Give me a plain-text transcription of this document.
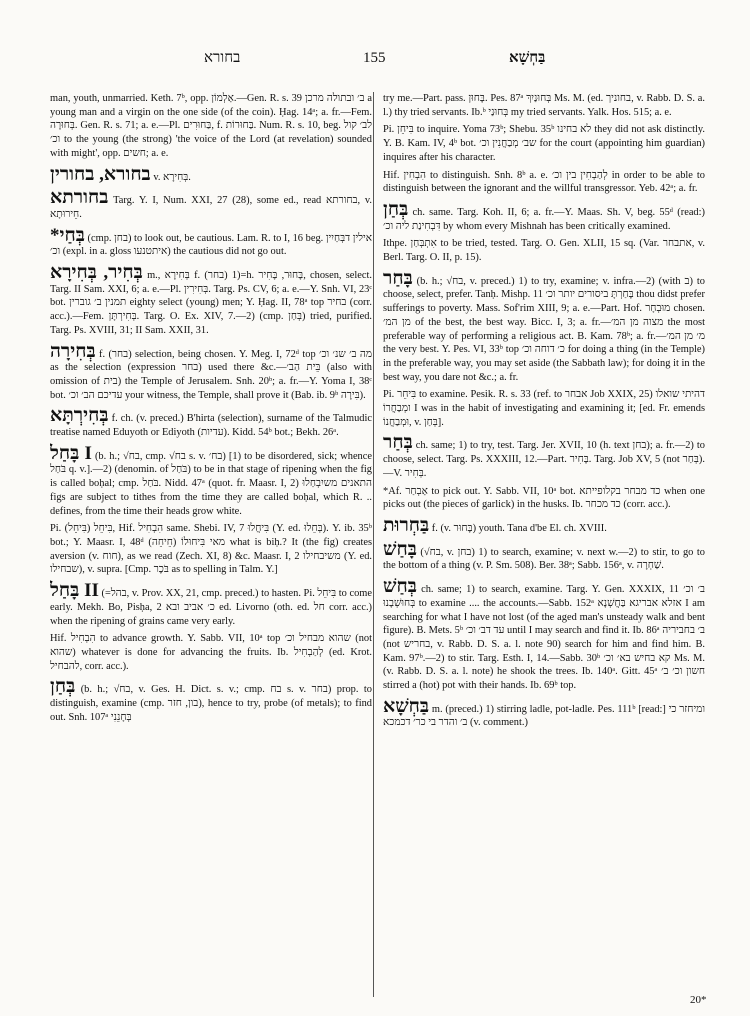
בחורא	155	בַּחְשָׁא

man, youth, unmarried. Keth. 7ᵇ, opp. אַלְמוֹן.—Gen. R. s. 39 ב׳ ובתולה מרכן a young man and a virgin on the one side (of the coin). Ḥag. 14ᵃ; a. fr.—Fem. בְּחוּרָה. Gen. R. s. 71; a. e.—Pl. בַּחוּרִים, f. בַּחוּרוֹת. Num. R. s. 10, beg. לב׳ קול וכ׳ to the young (the strong) 'the voice of the Lord (at revelation) sounded with might', opp. חשים; a. e.

בחורא, בחורין v. בְּחִירָא.

בחורתא Targ. Y. I, Num. XXI, 27 (28), some ed., read בחורתא, v. חֵירוּתָא.

*בְּחַי (cmp. בחן) to look out, be cautious. Lam. R. to I, 16 beg. אילין דבְּחַיִין וכ׳ (expl. in a. gloss איתטנעו) the cautious did not go out.

בְּחִיר, בְּחִירָא m., בְּחִירָא f. (בחר) 1)=h. בָּחוּר, בָּחִיר, chosen, select. Targ. II Sam. XXI, 6; a. e.—Pl. בְּחִירִין. Targ. Ps. CV, 6; a. e.—Y. Snh. VI, 23ᶜ bot. תמנין ב׳ גוברין eighty select (young) men; Y. Ḥag. II, 78ᵃ top בחיר (corr. acc.).—Fem. בְּחִירְתָּן. Targ. O. Ex. XIV, 7.—2) (cmp. בְּחַן) tried, purified. Targ. Ps. XVIII, 31; II Sam. XXII, 31.

בְּחִירָה f. (בחר) selection, being chosen. Y. Meg. I, 72ᵈ top מה ב׳ שנ׳ וכ׳ as the selection (expression בחר) used there &c.—בֵּית הַב׳ (also with omission of בית) the Temple of Jerusalem. Snh. 20ᵇ; a. fr.—Y. Yoma I, 38ᶜ bot. עדיכם הב׳ וכ׳ your witness, the Temple, shall prove it (Bab. ib. 9ᵇ בִּירָה).

בְּחִירְתָּא f. ch. (v. preced.) B'hirta (selection), surname of the Talmudic treatise named Eduyoth or Ediyoth (עדיות). Kidd. 54ᵇ bot.; Bekh. 26ᵃ.

בָּחַל I (b. h.; √בח, cmp. √בח s. v. בח׳) [1) to be disordered, sick; whence בֹּחַל q. v.].—2) (denomin. of בֹּחַל) to be in that stage of ripening when the fig is called boḥal; cmp. בֹּחַל. Nidd. 47ᵃ (quot. fr. Maasr. I, 2) התאנים משיִבְחַלוּ figs are subject to tithes from the time they are called boḥal, which R. .. defines, from the time their heads grow white.

Pi. בִּיחֵל (בִּיחֵל), Hif. הִבְחִיל same. Shebi. IV, 7 בִּיחֲלוּ (Y. ed. בְּחֵלוּ). Y. ib. 35ᵇ bot.; Y. Maasr. I, 48ᵈ (חֵיחֵה) מאי בִּיחוּלוֹ what is biḥ.? It (the fig) creates aversion (v. חוח), as we read (Zech. XI, 8) &c. Maasr. I, 2 משיבחילו (Y. ed. שבחילו), v. supra. [Cmp. בֹּכֶר as to spelling in Talm. Y.]

בָּחַל II (=בהל, v. Prov. XX, 21, cmp. preced.) to hasten. Pi. בִּיחֵל to come early. Mekh. Bo, Pisḥa, 2 כ׳ אביב ובא ed. Livorno (oth. ed. חל corr. acc.) when the ripening of grains came very early.

Hif. הִבְחִיל to advance growth. Y. Sabb. VII, 10ᵃ top שהוא מבחיל וכ׳ (not שהוא) whatever is done for advancing the fruits. Ib. לְהַבְחִיל (ed. Krot. להבחיל, corr. acc.).

בְּחַן (b. h.; √בח, v. Ges. H. Dict. s. v.; cmp. בח s. v. בחר) prop. to distinguish, examine (cmp. בון, חזר), hence to try, probe (of metals); to find out. Snh. 107ᵃ בְּחָנֵנִי

try me.—Part. pass. בָּחוּן. Pes. 87ᵃ בְּחוּנַיִךְ Ms. M. (ed. בחוניך, v. Rabb. D. S. a. l.) thy tried servants. Ib.ᵇ בְּחוּנַי my tried servants. Yalk. Hos. 515; a. e.

Pi. בִּיחֵן to inquire. Yoma 73ᵇ; Shebu. 35ᵇ לא בחינו they did not ask distinctly. Y. B. Kam. IV, 4ᵇ bot. שב׳ מְבַחֲנִין וכ׳ for the court (appointing him guardian) inquires after his character.

Hif. הִבְחִין to distinguish. Snh. 8ᵇ a. e. לְהַבְחִין בין וכ׳ in order to be able to distinguish between the ignorant and the willful transgressor. Yeb. 42ᵃ; a. fr.

בְּחַן ch. same. Targ. Koh. II, 6; a. fr.—Y. Maas. Sh. V, beg. 55ᵈ (read:) דִּבְחִינַת ליה וכ׳ by whom every Mishnah has been critically examined.

Ithpe. אִתְבְּחַן to be tried, tested. Targ. O. Gen. XLII, 15 sq. (Var. אתבחר, v. Berl. Targ. O. II, p. 15).

בָּחַר (b. h.; √בח, v. preced.) 1) to try, examine; v. infra.—2) (with ב) to choose, select, prefer. Tanḥ. Mishp. 11 בָּחַרְתָּ ביסורים יותר וכ׳ thou didst prefer sufferings to poverty. Mass. Sof'rim XIII, 9; a. e.—Part. Hof. מוּבְחָר chosen. מן המ׳ of the best, the best way. Bicc. I, 3; a. fr.—מצוה מן המ׳ the most preferable way of performing a religious act. B. Kam. 78ᵇ; a. fr.—מ׳ מן המ׳ the very best. Y. Pes. VI, 33ᵇ top כ׳ דוחה וכ׳ for doing a thing (in the Temple) in the preferable way, you may set aside (the Sabbath law); for doing it in the best way, you dare not &c.; a. fr.

Pi. בִּיחֵר to examine. Pesik. R. s. 33 (ref. to אבחר Job XXIX, 25) דהיתי שואלו ומְבַחֲרוֹ I was in the habit of investigating and examining it; [ed. Fr. emends וּמְבַחֲנוֹ, v. בְּחַן].

בְּחַר ch. same; 1) to try, test. Targ. Jer. XVII, 10 (h. text בחן); a. fr.—2) to choose, select. Targ. Ps. XXXIII, 12.—Part. בָּחִיר. Targ. Job XV, 5 (not בְּחַר).—V. בְּחִיר.

*Af. אַבְחַר to pick out. Y. Sabb. VII, 10ᵃ bot. כד מבחר בקלופייתא when one picks out (the pieces of garlick) in the husks. Ib. כד מכחר (corr. acc.).

בַּחְרוּת f. (v. בָּחוּר) youth. Tana d'be El. ch. XVIII.

בָּחַשׁ (√בח, v. בחן) 1) to search, examine; v. next w.—2) to stir, to go to the bottom of a thing (v. P. Sm. 508). Ber. 38ᵃ; Sabb. 156ᵃ, v. שַׁחְרָה.

בְּחַשׁ ch. same; 1) to search, examine. Targ. Y. Gen. XXXIX, 11 ב׳ וכ׳ בְּחוּשְׁבָנוּ to examine .... the accounts.—Sabb. 152ᵃ אזלא אבריגא בַּחֲשְׁנָא I am searching for what I have not lost (of the aged man's unsteady walk and bent figure). B. Mets. 5ᵇ עד דב׳ וכ׳ until I may search and find it. Ib. 86ᵃ ב׳ בחביריה (not בחריש, v. Rabb. D. S. a. l. note 90) search for him and find him. B. Kam. 97ᵇ.—2) to stir. Targ. Esth. I, 14.—Sabb. 30ᵇ קא בחיש בא׳ וכ׳ Ms. M. (v. Rabb. D. S. a. l. note) he shook the trees. Ib. 140ᵃ. Gitt. 45ᵃ חשון וכ׳ ב׳ stirred a (hot) pot with their hands. Ib. 69ᵇ top.

בַּחְשָׁא m. (preced.) 1) stirring ladle, pot-ladle. Pes. 111ᵇ [read:] ומיחזר כי ב׳ והדר בי כר׳ דכמכא (v. comment.)

20*
